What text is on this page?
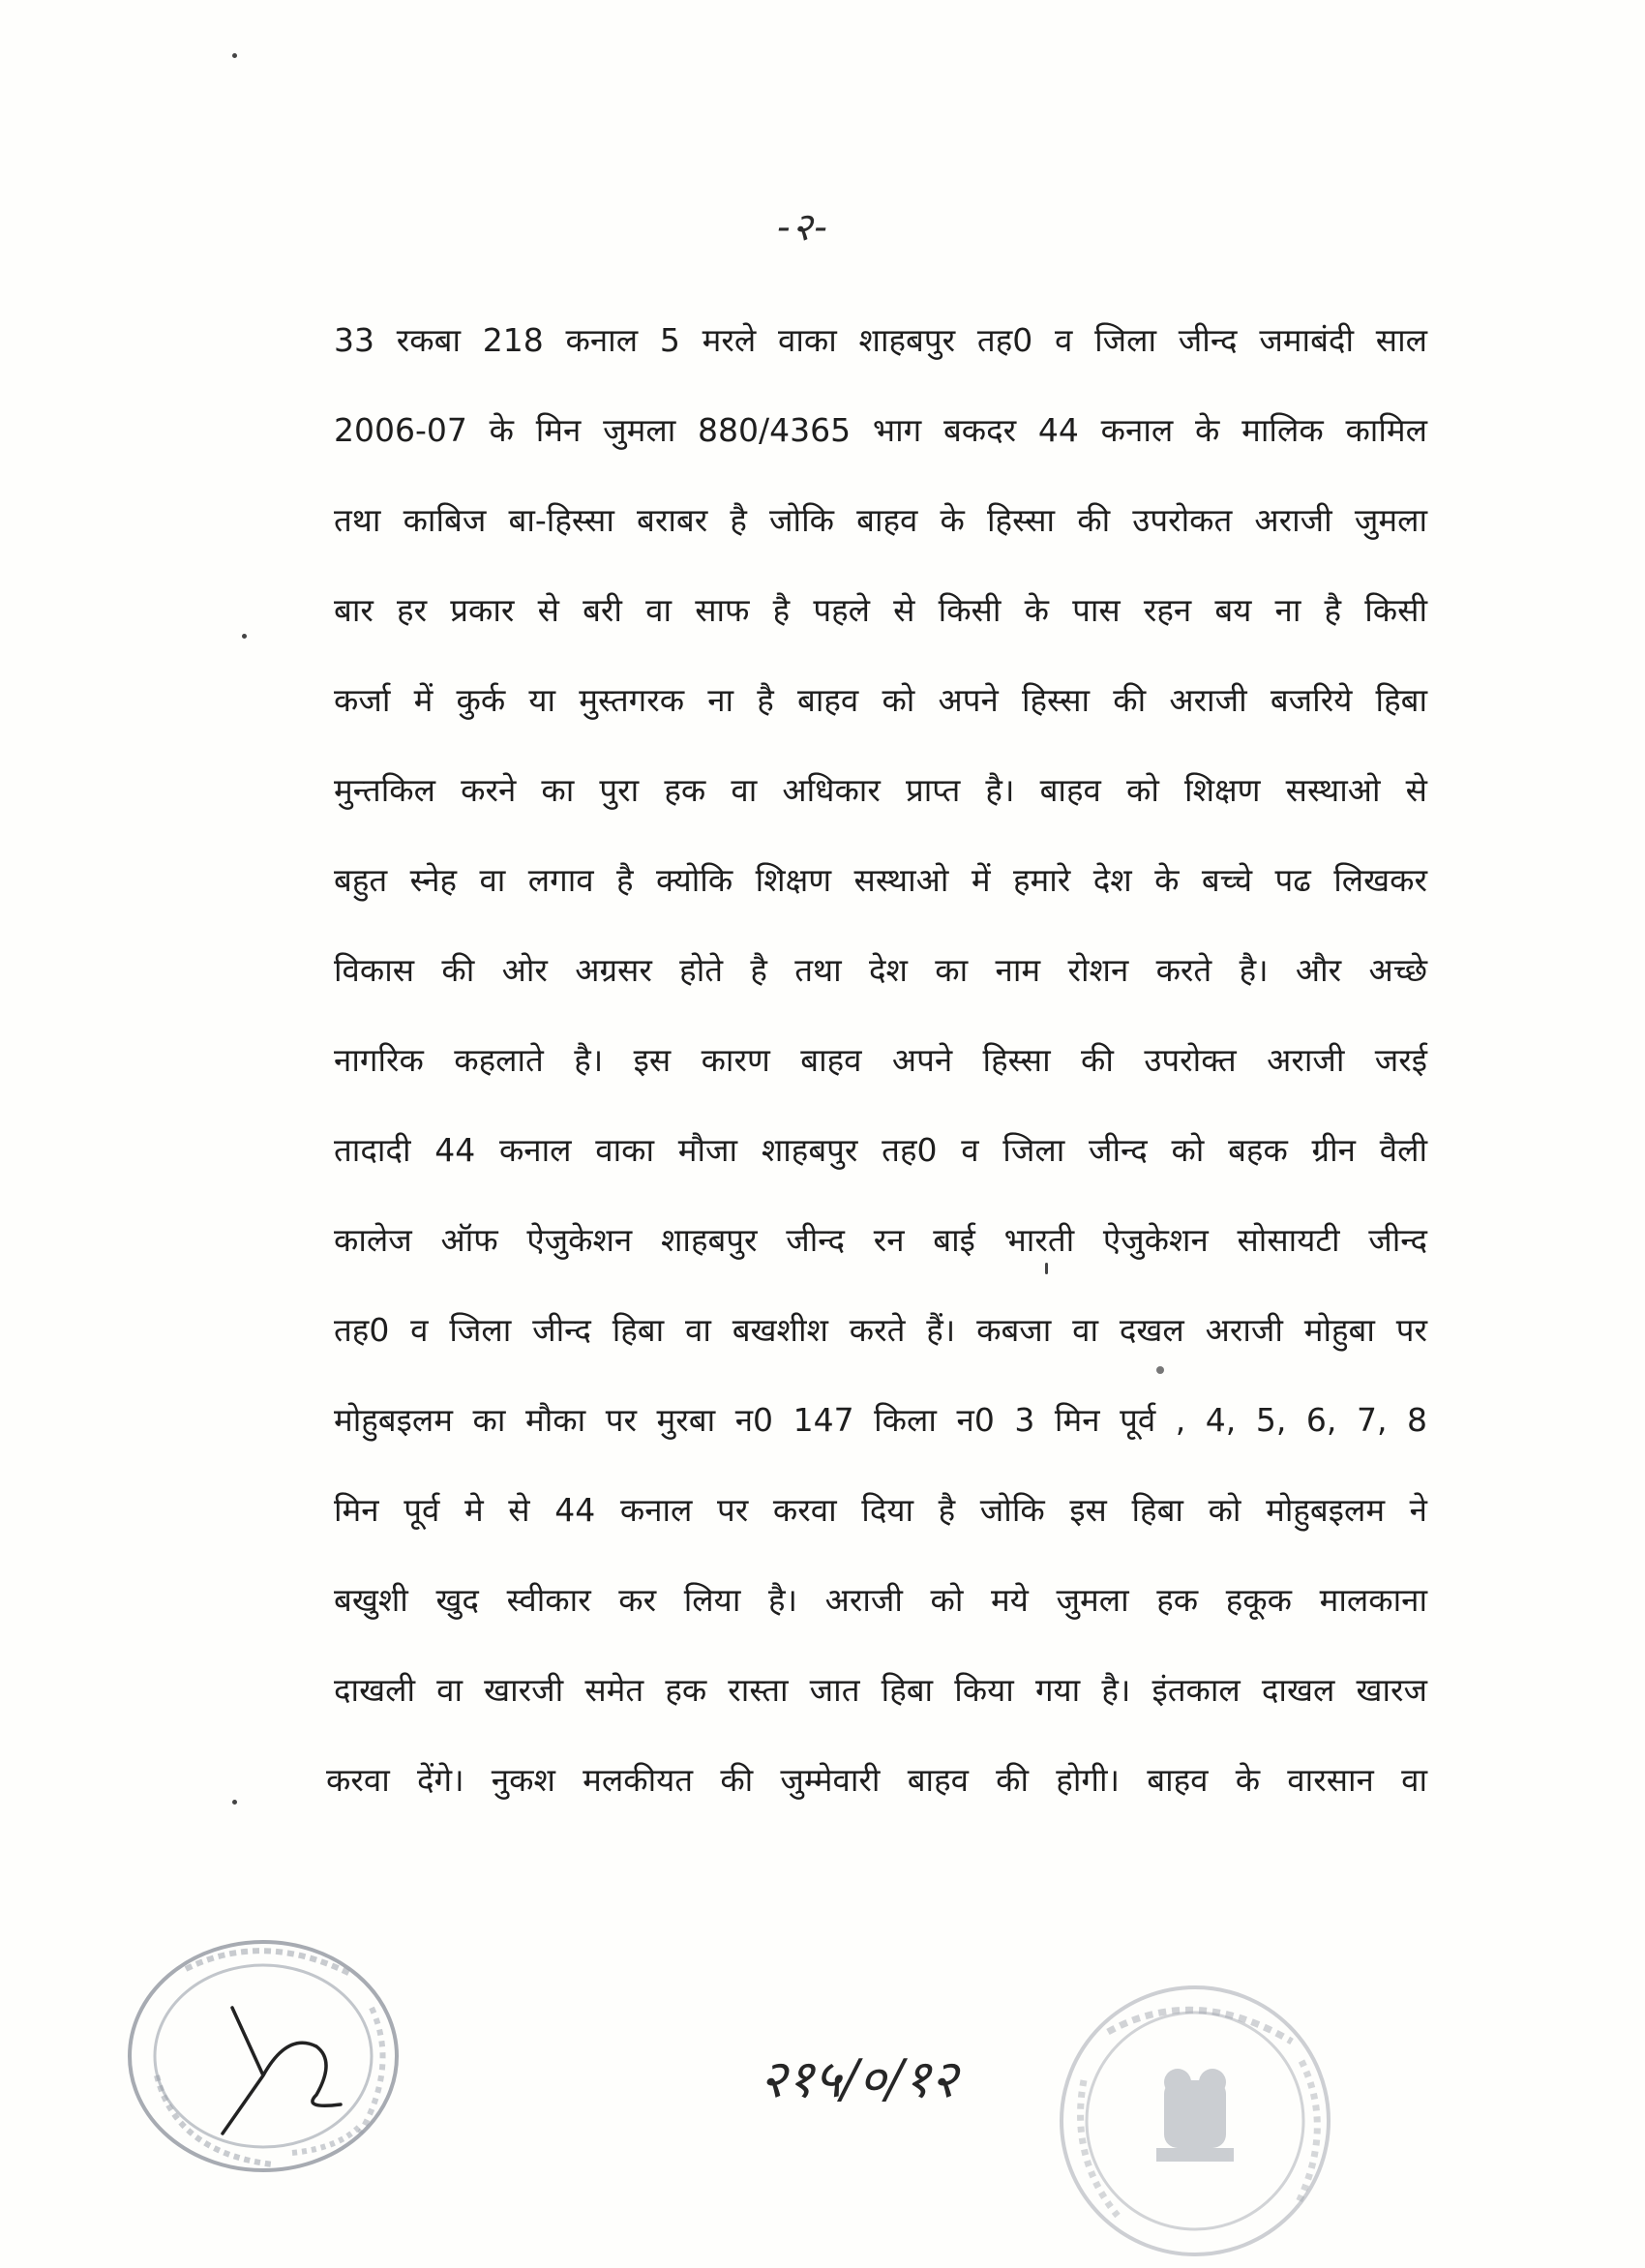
-२-
33 रकबा 218 कनाल 5 मरले वाका शाहबपुर तह0 व जिला जीन्द जमाबंदी साल
2006-07 के मिन जुमला 880/4365 भाग बकदर 44 कनाल के मालिक कामिल
तथा काबिज बा-हिस्सा बराबर है जोकि बाहव के हिस्सा की उपरोकत अराजी जुमला
बार हर प्रकार से बरी वा साफ है पहले से किसी के पास रहन बय ना है किसी
कर्जा में कुर्क या मुस्तगरक ना है बाहव को अपने हिस्सा की अराजी बजरिये हिबा
मुन्तकिल करने का पुरा हक वा अधिकार प्राप्त है। बाहव को शिक्षण सस्थाओ से
बहुत स्नेह वा लगाव है क्योकि शिक्षण सस्थाओ में हमारे देश के बच्चे पढ लिखकर
विकास की ओर अग्रसर होते है तथा देश का नाम रोशन करते है। और अच्छे
नागरिक कहलाते है। इस कारण बाहव अपने हिस्सा की उपरोक्त अराजी जरई
तादादी 44 कनाल वाका मौजा शाहबपुर तह0 व जिला जीन्द को बहक ग्रीन वैली
कालेज ऑफ ऐजुकेशन शाहबपुर जीन्द रन बाई भारती ऐजुकेशन सोसायटी जीन्द
तह0 व जिला जीन्द हिबा वा बखशीश करते हैं। कबजा वा दखल अराजी मोहुबा पर
मोहुबइलम का मौका पर मुरबा न0 147 किला न0 3 मिन पूर्व , 4, 5, 6, 7, 8
मिन पूर्व मे से 44 कनाल पर करवा दिया है जोकि इस हिबा को मोहुबइलम ने
बखुशी खुद स्वीकार कर लिया है। अराजी को मये जुमला हक हकूक मालकाना
दाखली वा खारजी समेत हक रास्ता जात हिबा किया गया है। इंतकाल दाखल खारज
करवा देंगे। नुकश मलकीयत की जुम्मेवारी बाहव की होगी। बाहव के वारसान वा
२१५/०/१२
